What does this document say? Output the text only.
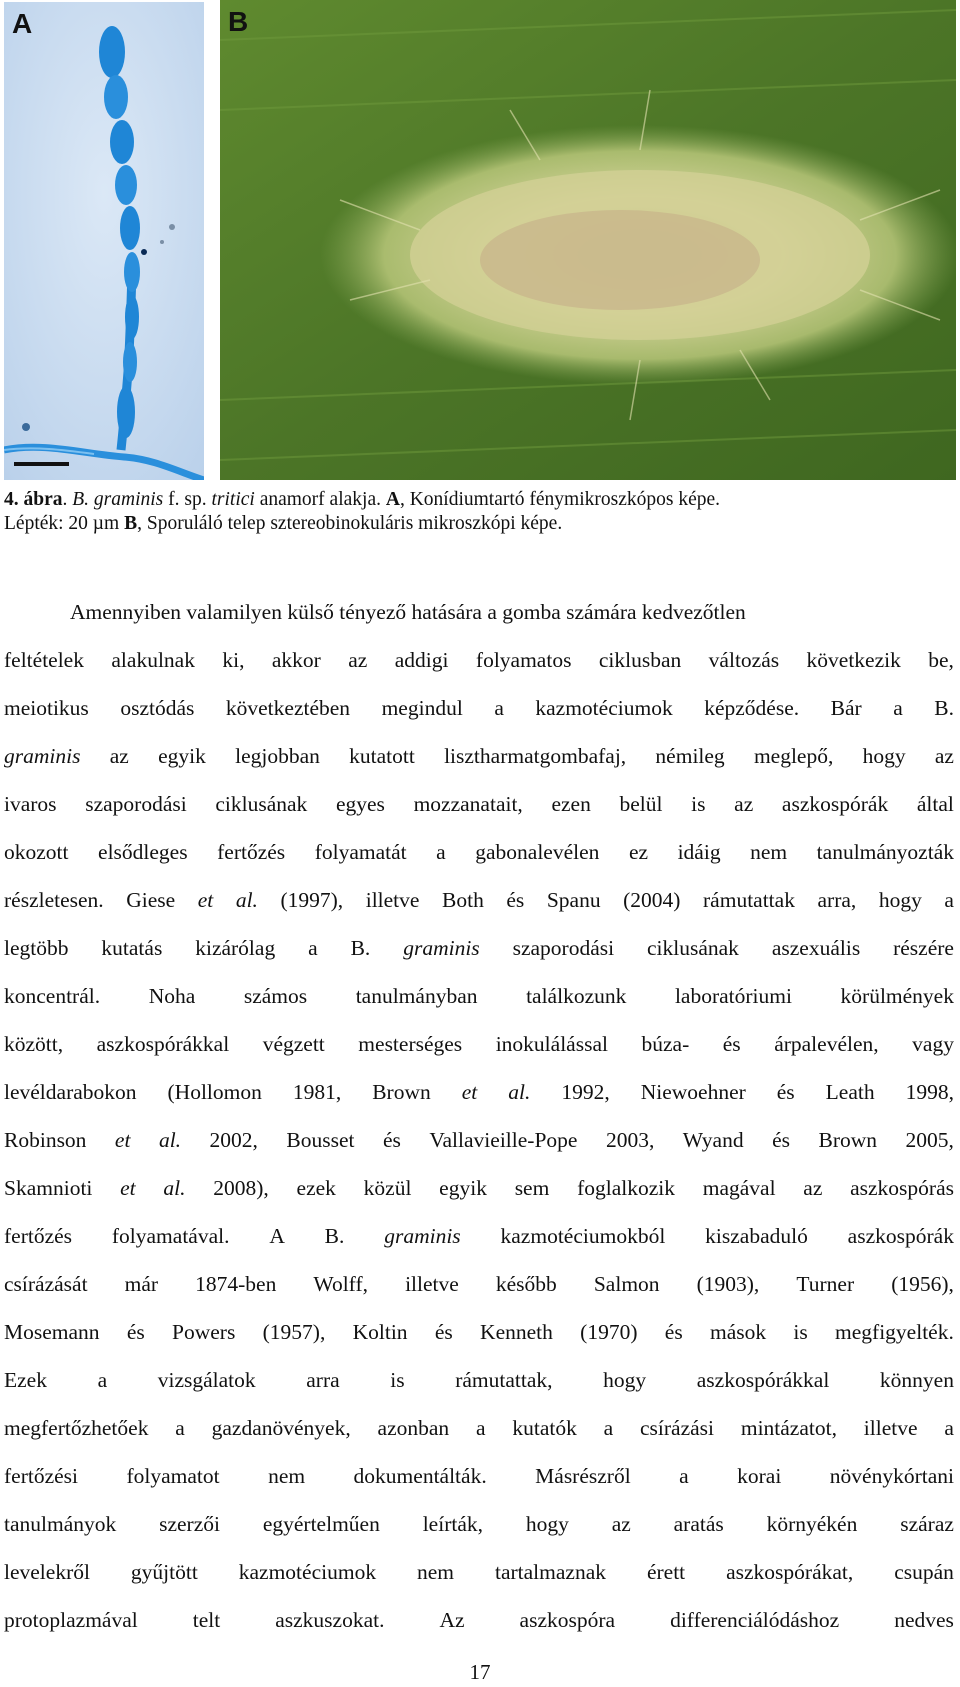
A	B

4. ábra. B. graminis f. sp. tritici anamorf alakja. A, Konídiumtartó fénymikroszkópos képe.

Lépték: 20 µm B, Sporuláló telep sztereobinokuláris mikroszkópi képe.

Amennyiben valamilyen külső tényező hatására a gomba számára kedvezőtlen
feltételek alakulnak ki, akkor az addigi folyamatos ciklusban változás következik be,
meiotikus osztódás következtében megindul a kazmotéciumok képződése. Bár a B.
graminis az egyik legjobban kutatott lisztharmatgombafaj, némileg meglepő, hogy az
ivaros szaporodási ciklusának egyes mozzanatait, ezen belül is az aszkospórák által
okozott elsődleges fertőzés folyamatát a gabonalevélen ez idáig nem tanulmányozták
részletesen. Giese et al. (1997), illetve Both és Spanu (2004) rámutattak arra, hogy a
legtöbb kutatás kizárólag a B. graminis szaporodási ciklusának aszexuális részére
koncentrál. Noha számos tanulmányban találkozunk laboratóriumi körülmények
között, aszkospórákkal végzett mesterséges inokulálással búza- és árpalevélen, vagy
levéldarabokon (Hollomon 1981, Brown et al. 1992, Niewoehner és Leath 1998,
Robinson et al. 2002, Bousset és Vallavieille-Pope 2003, Wyand és Brown 2005,
Skamnioti et al. 2008), ezek közül egyik sem foglalkozik magával az aszkospórás
fertőzés folyamatával. A B. graminis kazmotéciumokból kiszabaduló aszkospórák
csírázását már 1874-ben Wolff, illetve később Salmon (1903), Turner (1956),
Mosemann és Powers (1957), Koltin és Kenneth (1970) és mások is megfigyelték.
Ezek a vizsgálatok arra is rámutattak, hogy aszkospórákkal könnyen
megfertőzhetőek a gazdanövények, azonban a kutatók a csírázási mintázatot, illetve a
fertőzési folyamatot nem dokumentálták. Másrészről a korai növénykórtani
tanulmányok szerzői egyértelműen leírták, hogy az aratás környékén száraz
levelekről gyűjtött kazmotéciumok nem tartalmaznak érett aszkospórákat, csupán
protoplazmával	telt	aszkuszokat.	Az	aszkospóra	differenciálódáshoz	nedves
17
